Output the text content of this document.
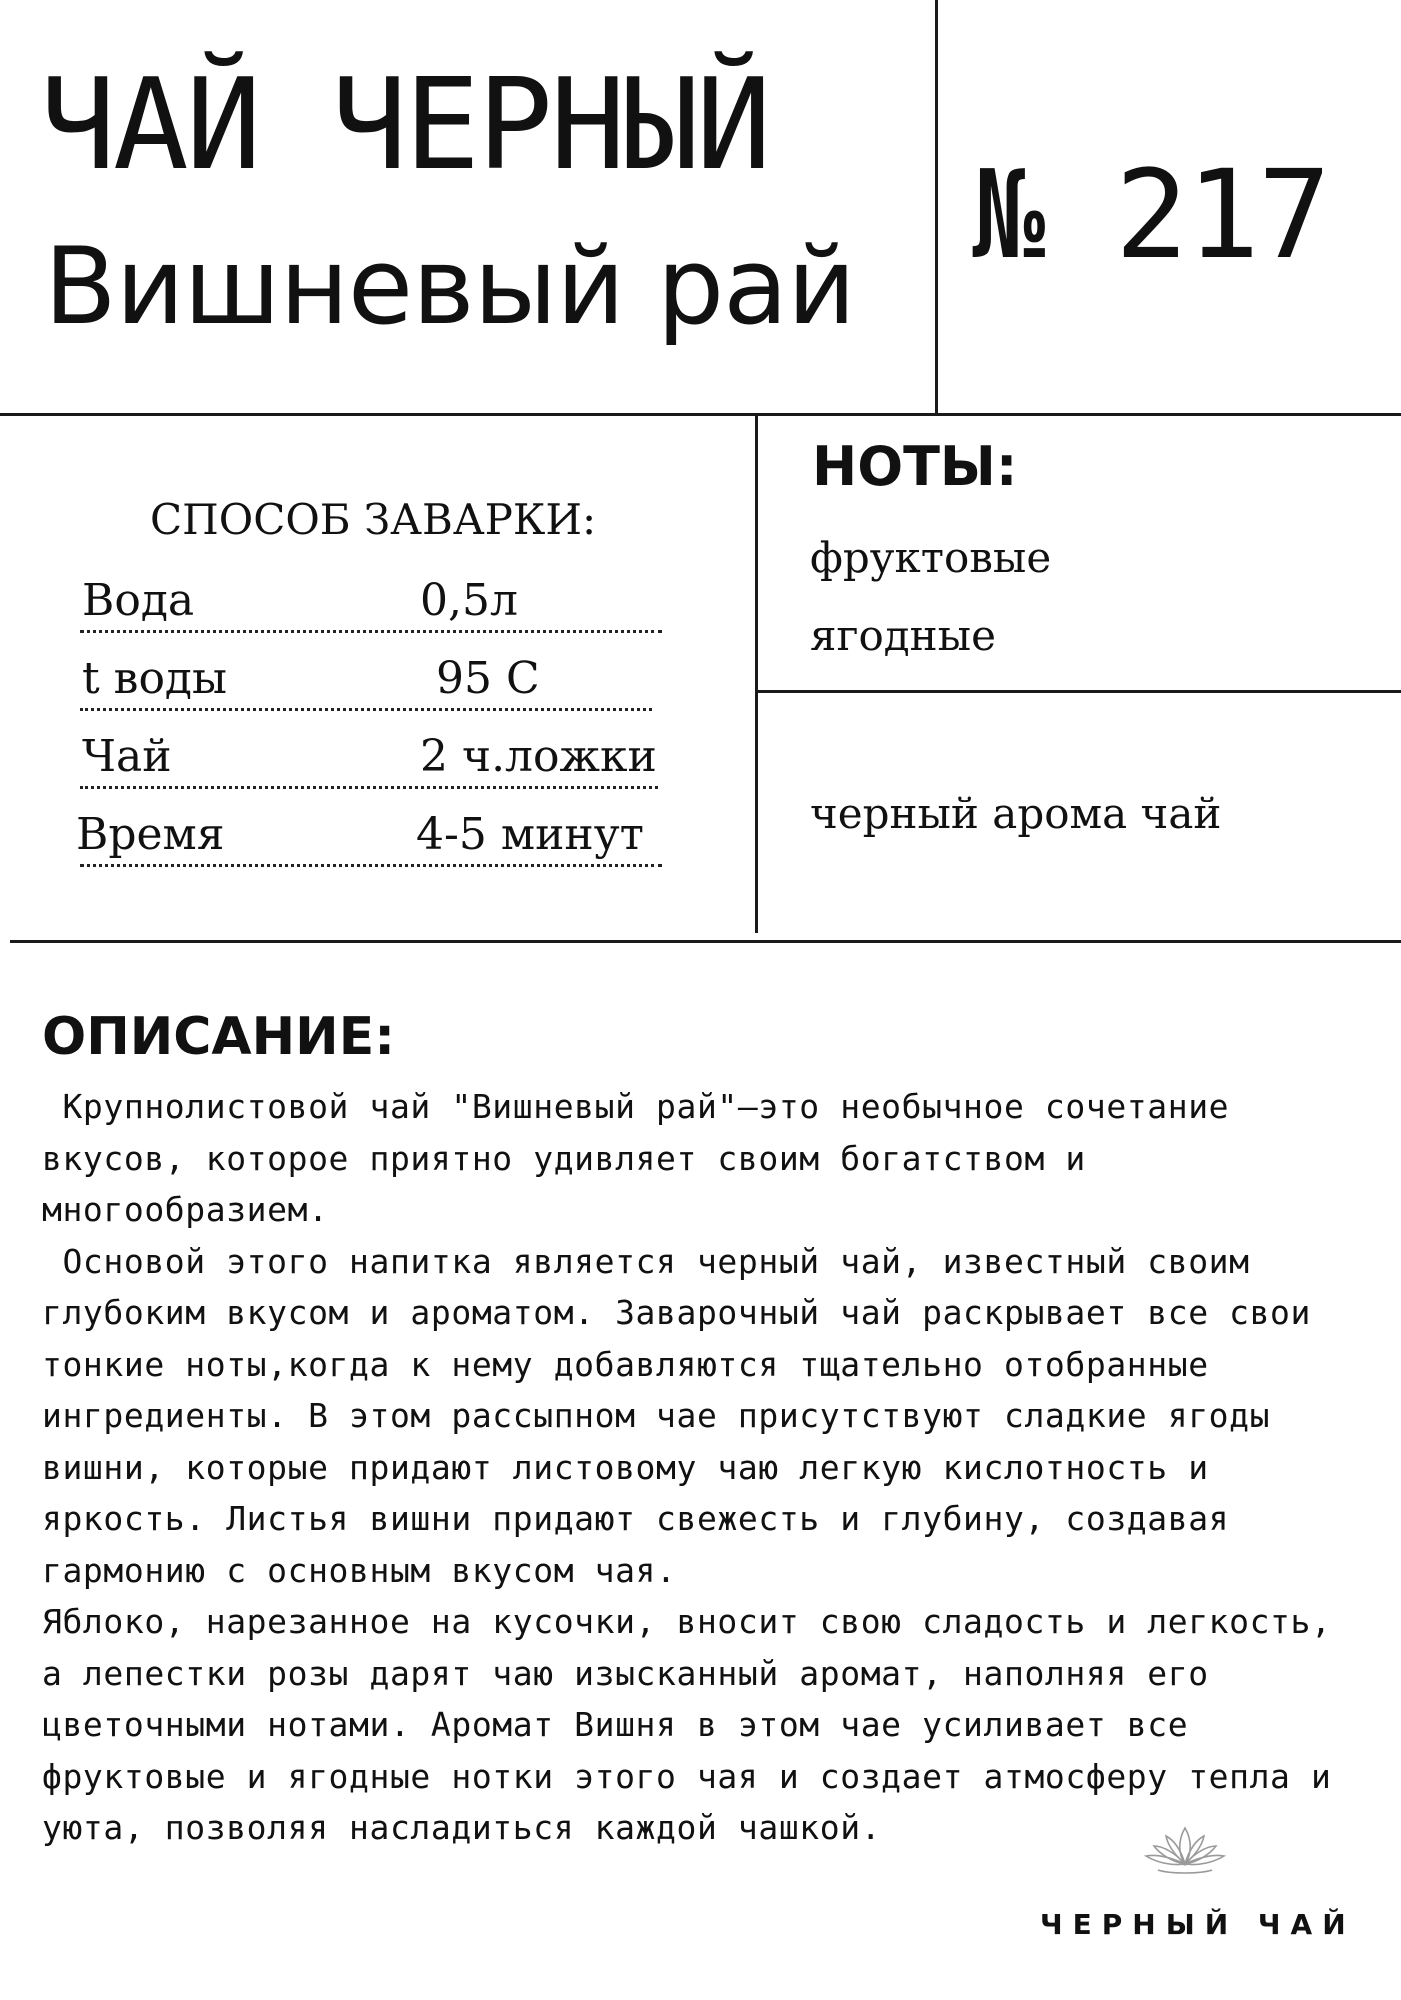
ЧАЙ ЧЕРНЫЙ
Вишневый рай
№ 217
СПОСОБ ЗАВАРКИ:
Вода	0,5л
t воды	95 С
Чай	2 ч.ложки
Время	4-5 минут
НОТЫ:
фруктовые
ягодные
черный арома чай
ОПИСАНИЕ:

Крупнолистовой чай "Вишневый рай"—это необычное сочетание вкусов, которое приятно удивляет своим богатством и многообразием.

Основой этого напитка является черный чай, известный своим глубоким вкусом и ароматом. Заварочный чай раскрывает все свои тонкие ноты,когда к нему добавляются тщательно отобранные ингредиенты. В этом рассыпном чае присутствуют сладкие ягоды вишни, которые придают листовому чаю легкую кислотность и яркость. Листья вишни придают свежесть и глубину, создавая гармонию с основным вкусом чая.

Яблоко, нарезанное на кусочки, вносит свою сладость и легкость, а лепестки розы дарят чаю изысканный аромат, наполняя его цветочными нотами. Аромат Вишня в этом чае усиливает все фруктовые и ягодные нотки этого чая и создает атмосферу тепла и уюта, позволяя насладиться каждой чашкой.

ЧЕРНЫЙ ЧАЙ
